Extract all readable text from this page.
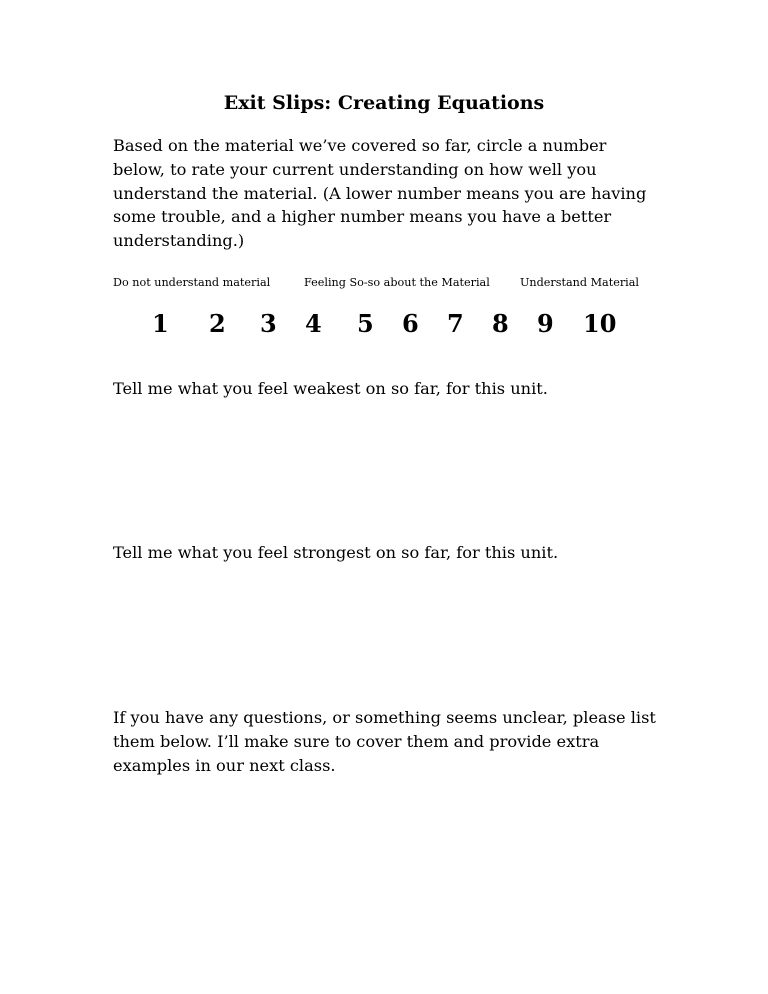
Exit Slips: Creating Equations
Based on the material we’ve covered so far, circle a number below, to rate your current understanding on how well you understand the material. (A lower number means you are having some trouble, and a higher number means you have a better understanding.)
Do not understand material	Feeling So-so about the Material	Understand Material
1 2 3 4 5 6 7 8 9 10
Tell me what you feel weakest on so far, for this unit.
Tell me what you feel strongest on so far, for this unit.
If you have any questions, or something seems unclear, please list them below. I’ll make sure to cover them and provide extra examples in our next class.
